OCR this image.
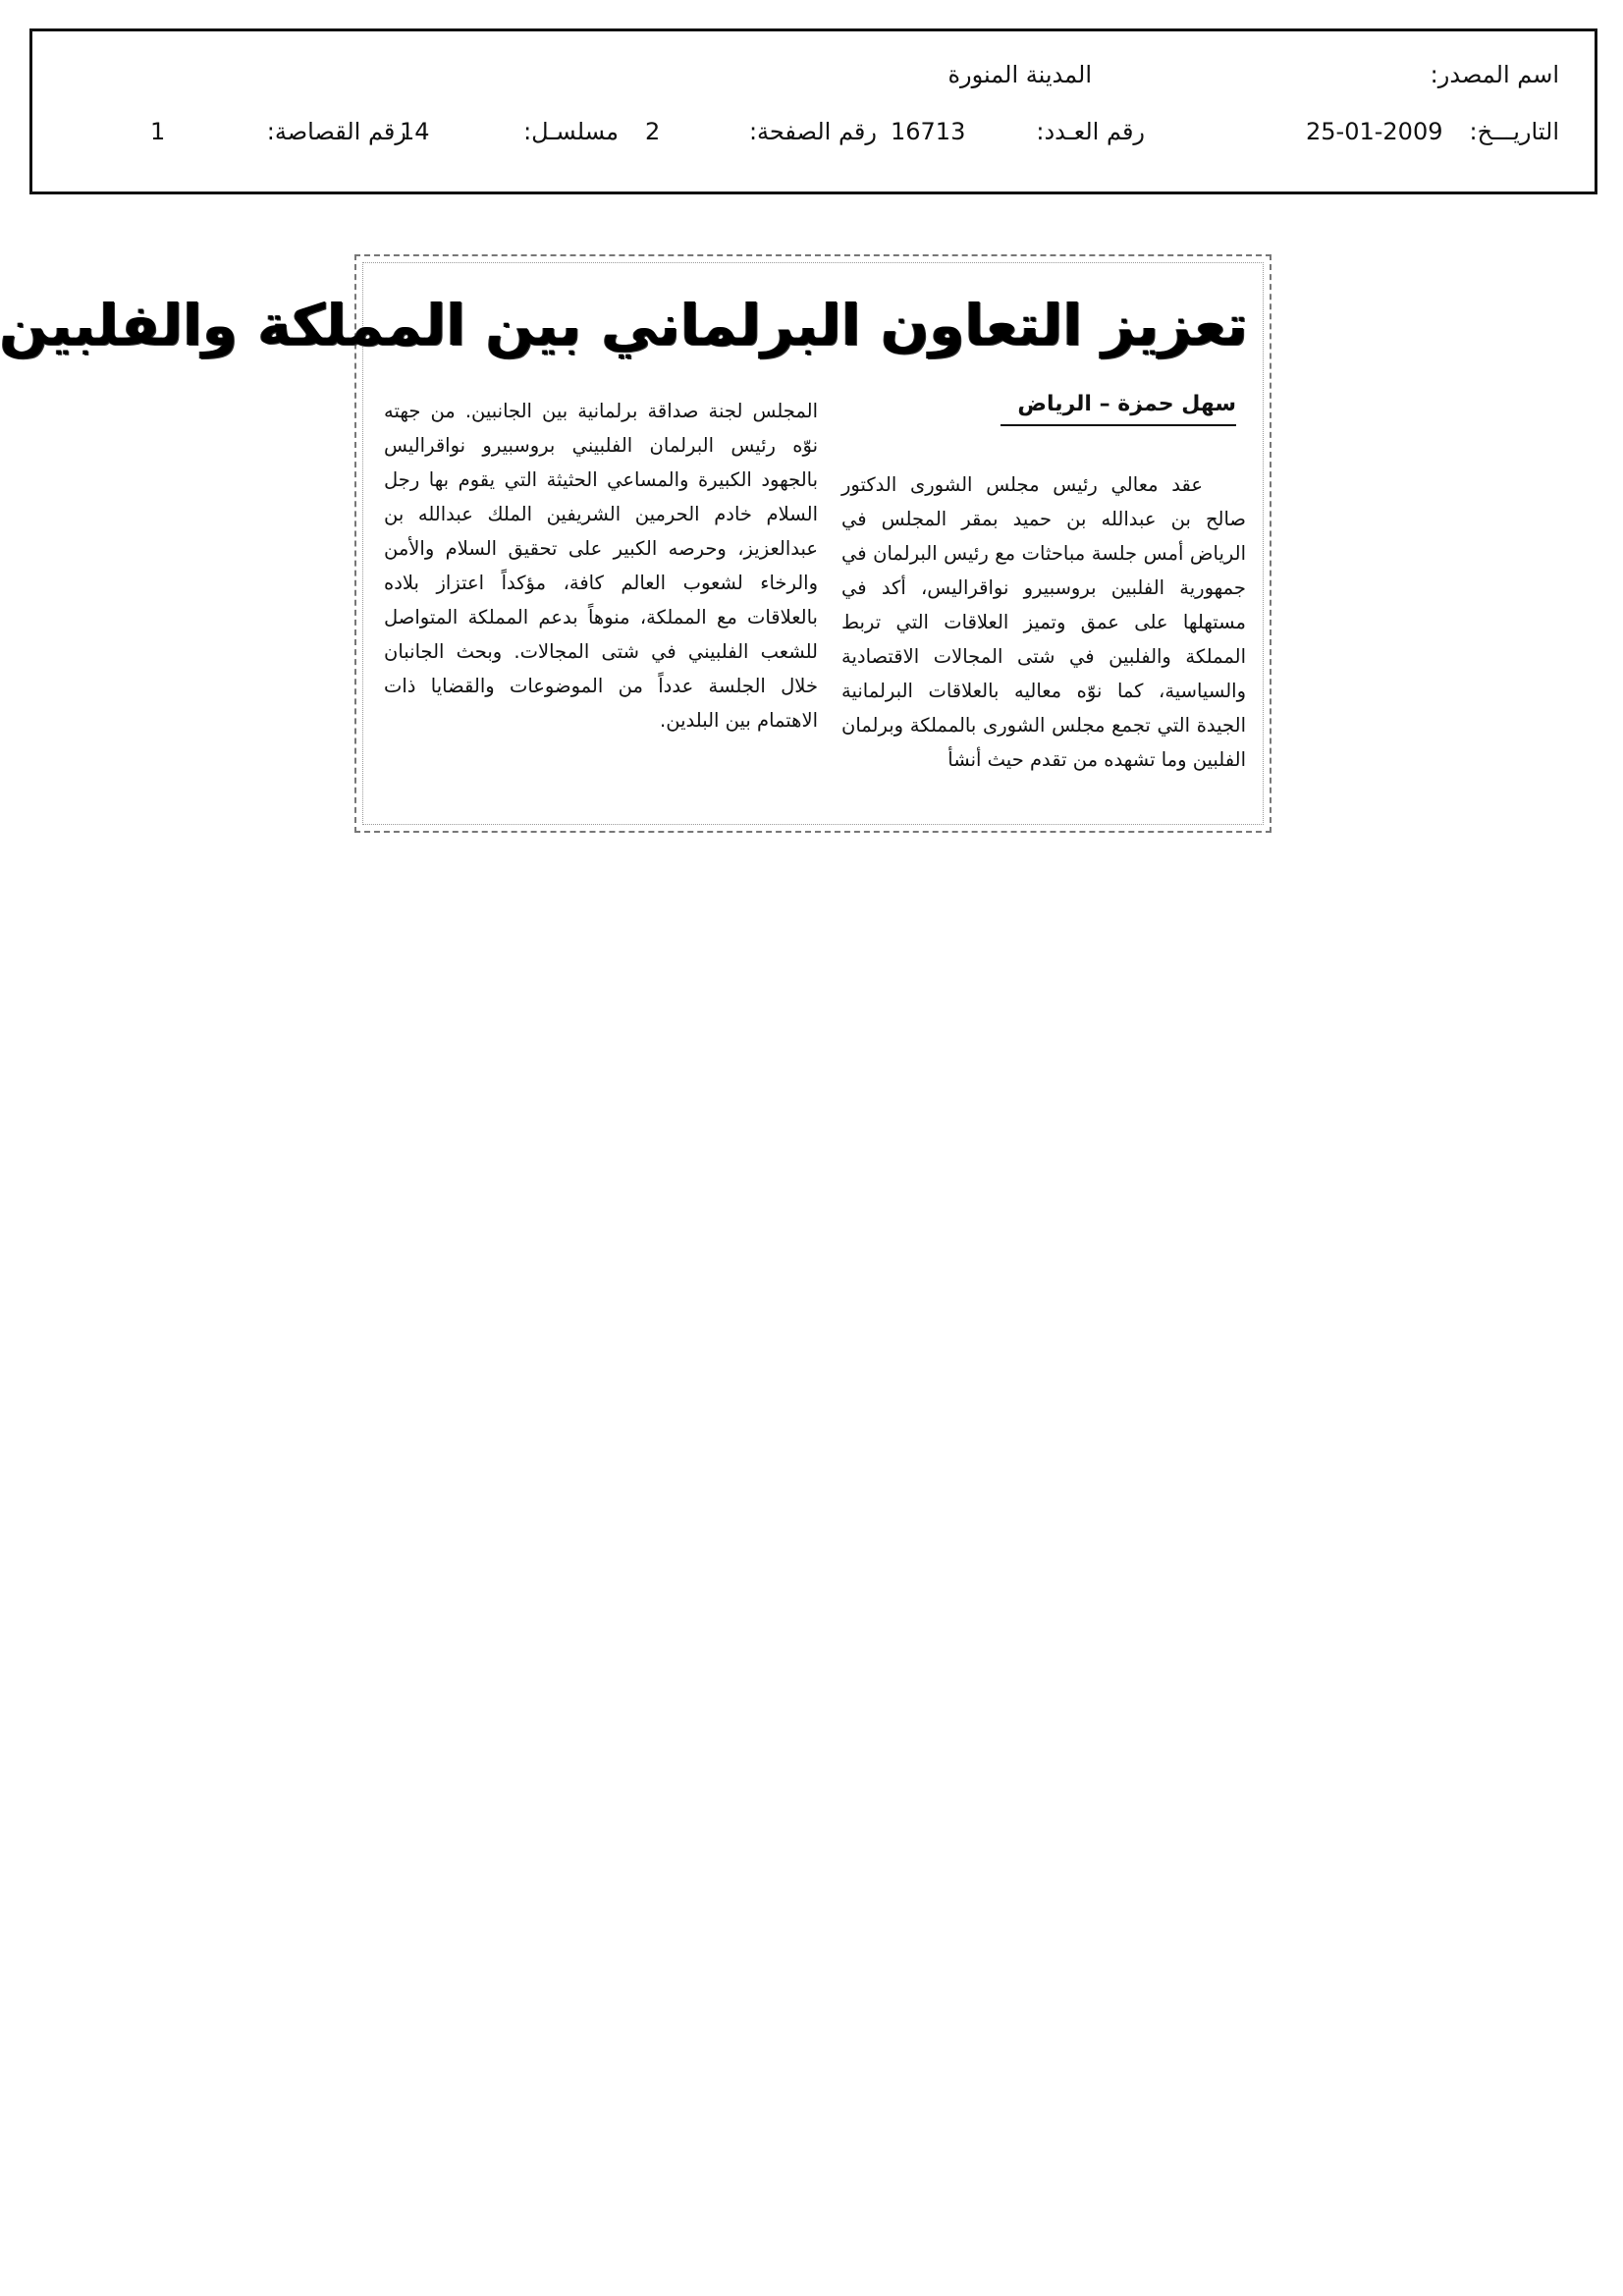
اسم المصدر:
المدينة المنورة
التاريـــخ:
25-01-2009
رقم العـدد:
16713
رقم الصفحة:
2
مسلسـل:
14
رقم القصاصة:
1
تعزيز التعاون البرلماني بين المملكة والفلبين
سهل حمزة – الرياض

عقد معالي رئيس مجلس الشورى الدكتور صالح بن عبدالله بن حميد بمقر المجلس في الرياض أمس جلسة مباحثات مع رئيس البرلمان في جمهورية الفلبين بروسبيرو نواقراليس، أكد في مستهلها على عمق وتميز العلاقات التي تربط المملكة والفلبين في شتى المجالات الاقتصادية والسياسية، كما نوّه معاليه بالعلاقات البرلمانية الجيدة التي تجمع مجلس الشورى بالمملكة وبرلمان الفلبين وما تشهده من تقدم حيث أنشأ

المجلس لجنة صداقة برلمانية بين الجانبين. من جهته نوّه رئيس البرلمان الفلبيني بروسبيرو نواقراليس بالجهود الكبيرة والمساعي الحثيثة التي يقوم بها رجل السلام خادم الحرمين الشريفين الملك عبدالله بن عبدالعزيز، وحرصه الكبير على تحقيق السلام والأمن والرخاء لشعوب العالم كافة، مؤكداً اعتزاز بلاده بالعلاقات مع المملكة، منوهاً بدعم المملكة المتواصل للشعب الفلبيني في شتى المجالات. وبحث الجانبان خلال الجلسة عدداً من الموضوعات والقضايا ذات الاهتمام بين البلدين.
